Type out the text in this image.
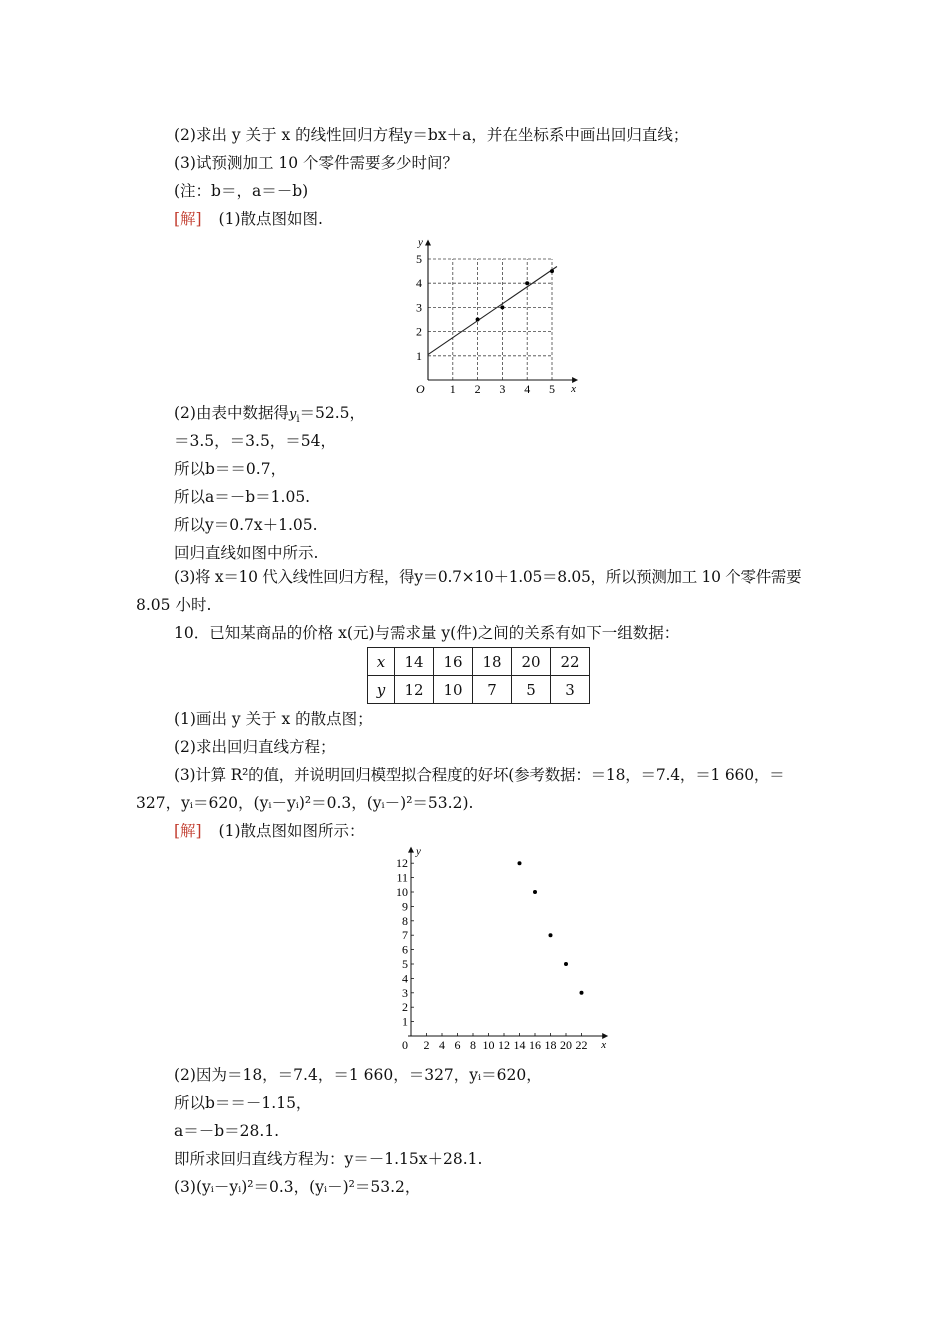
(2)求出 y 关于 x 的线性回归方程y＝bx＋a，并在坐标系中画出回归直线；
(3)试预测加工 10 个零件需要多少时间？
(注：b＝，a＝－b)
[解] (1)散点图如图.
1 2 3 4 5
1
2
3
4
5
O	x
y
(2)由表中数据得$y_i=52.5$，
＝3.5，＝3.5，＝54，
所以b＝＝0.7，
所以a＝－b＝1.05.
所以y＝0.7x＋1.05.
回归直线如图中所示.
(3)将 x＝10 代入线性回归方程，得y＝0.7×10＋1.05＝8.05，所以预测加工 10 个零件需要
8.05 小时.
10．已知某商品的价格 x(元)与需求量 y(件)之间的关系有如下一组数据：
x	14	16	18	20	22
y	12	10	7	5	3
(1)画出 y 关于 x 的散点图；
(2)求出回归直线方程；
(3)计算 R²的值，并说明回归模型拟合程度的好坏(参考数据：＝18，＝7.4，＝1 660，＝
327，yᵢ＝620，(yᵢ－yᵢ)²＝0.3，(yᵢ－)²＝53.2).
[解] (1)散点图如图所示：
1
2
3
4
5
6
7
8
9
10
11
12
0 2 4 6 8 10 12 14 16 18 20 22 x
y
(2)因为＝18，＝7.4，＝1 660，＝327，yᵢ＝620，
所以b＝＝－1.15，
a＝－b＝28.1.
即所求回归直线方程为：y＝－1.15x＋28.1.
(3)(yᵢ－yᵢ)²＝0.3，(yᵢ－)²＝53.2，
